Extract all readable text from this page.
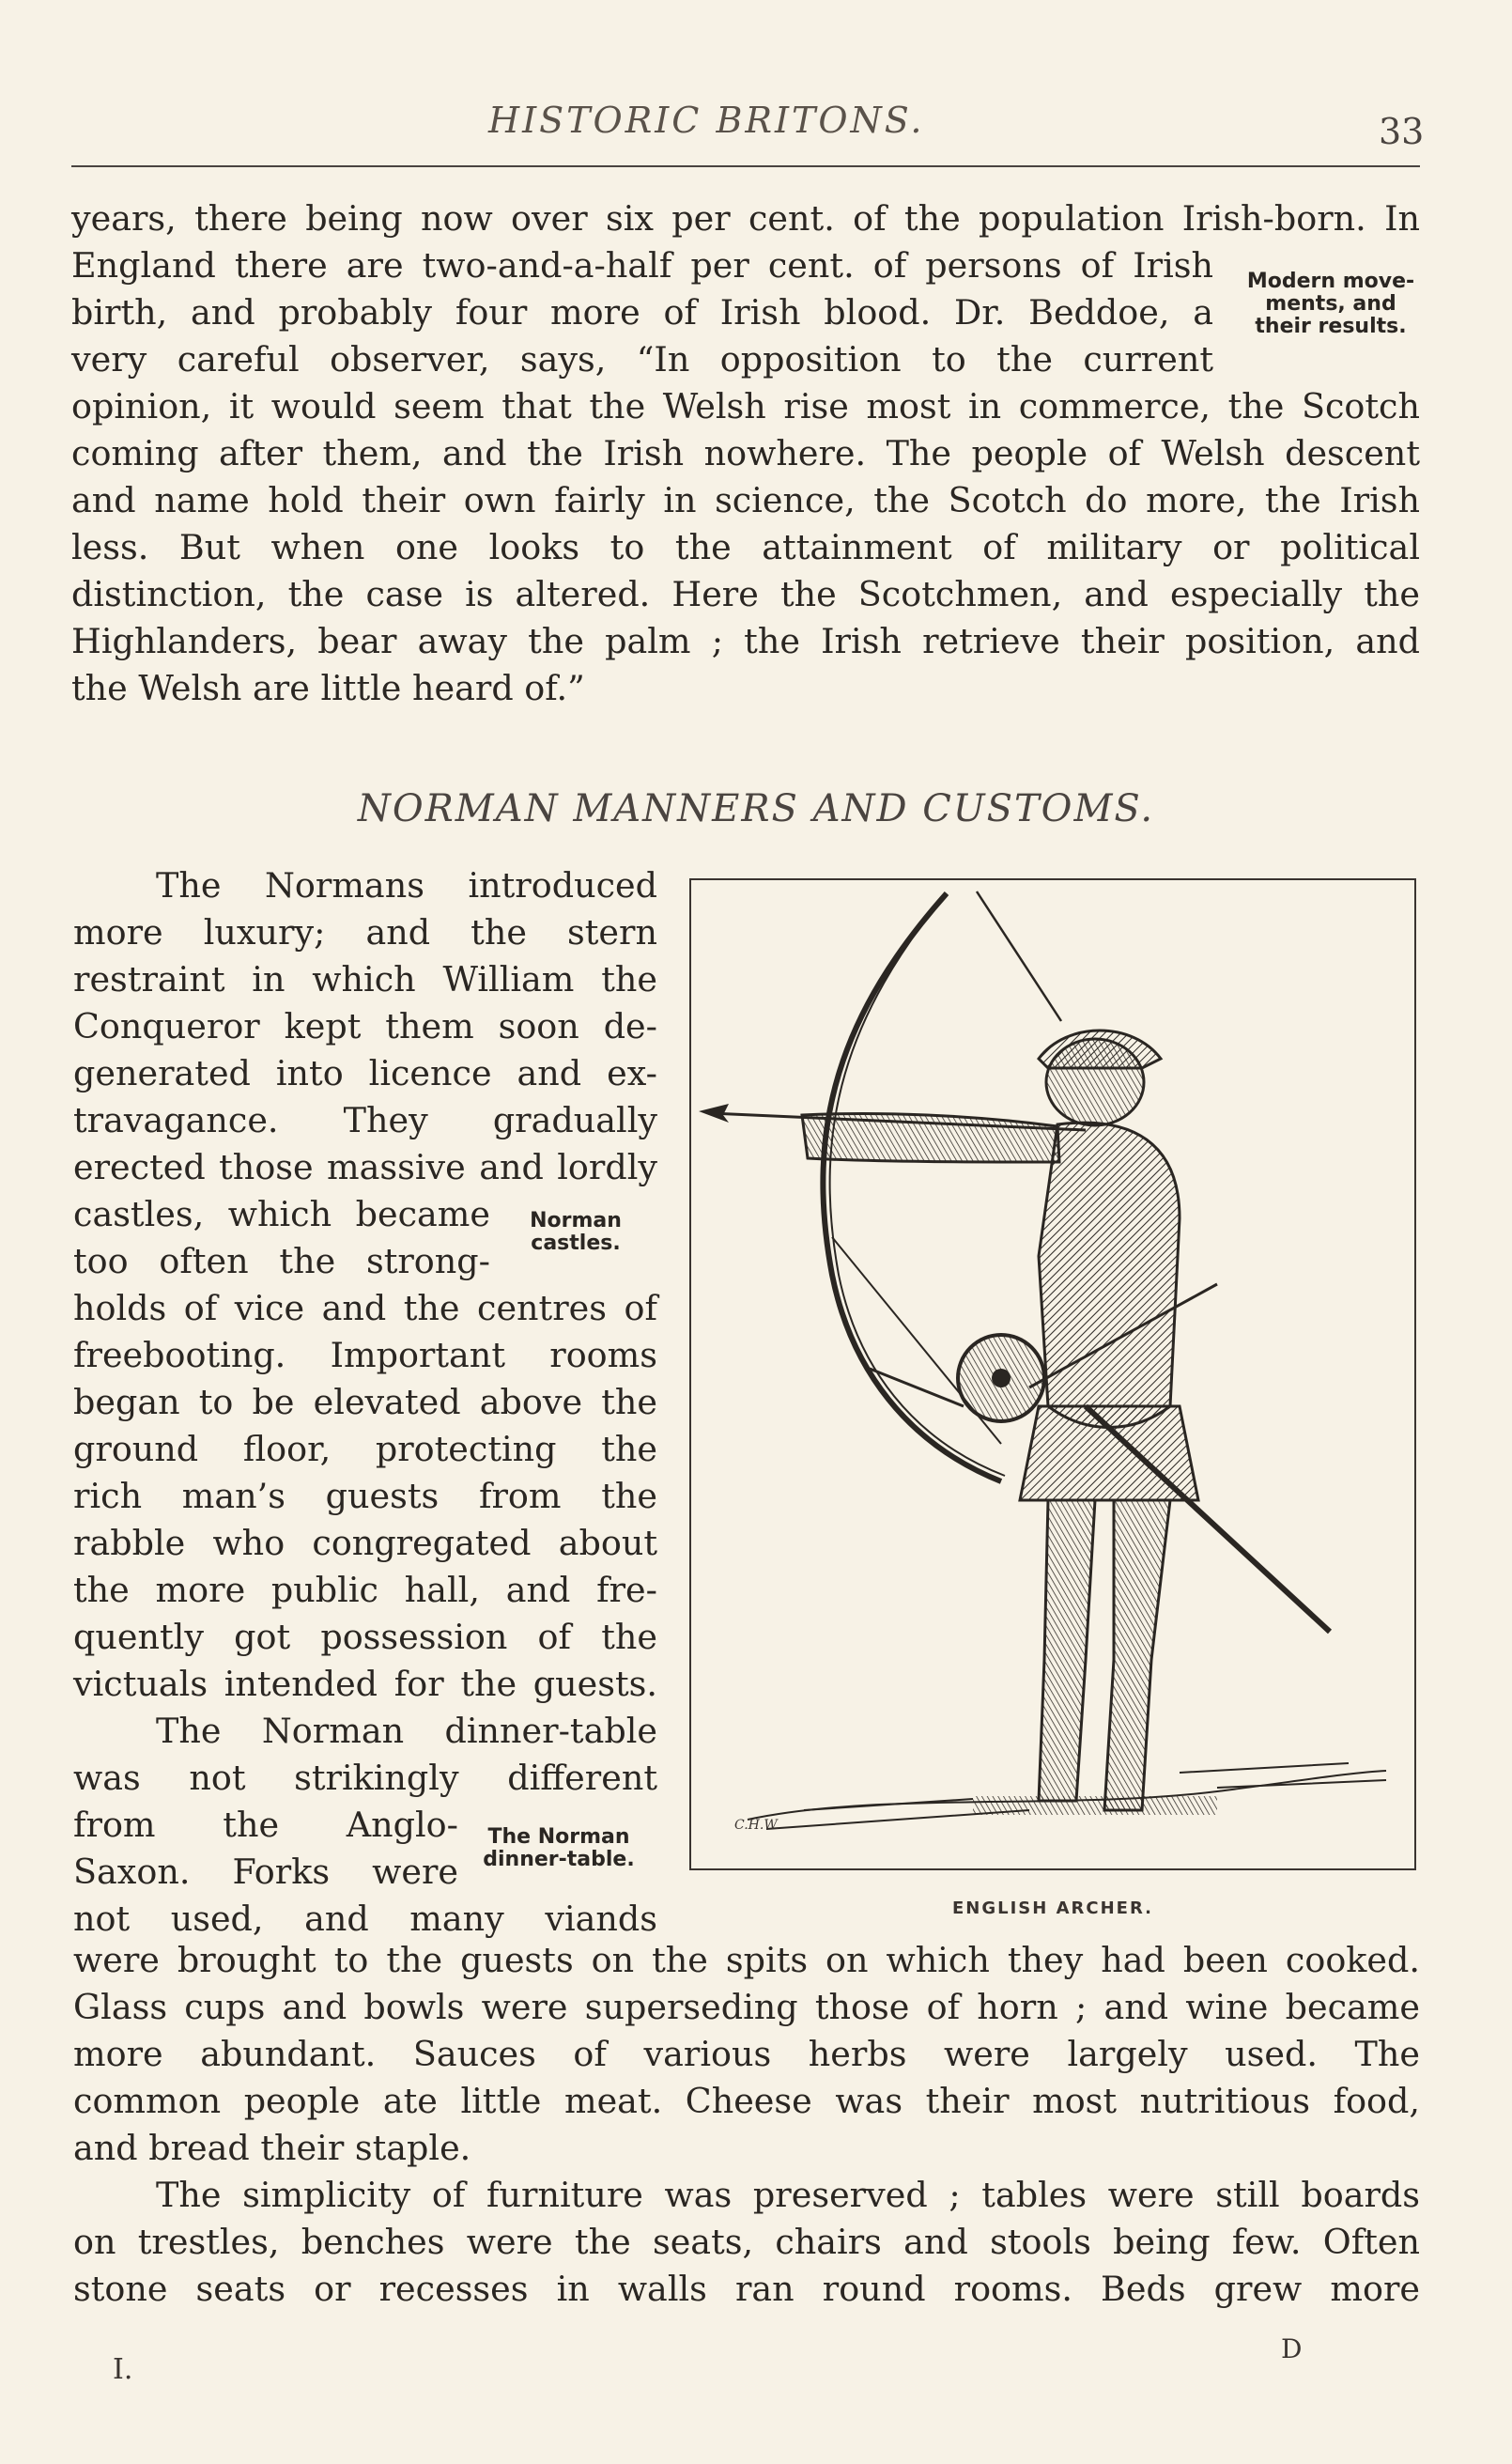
HISTORIC BRITONS.	33
years, there being now over six per cent. of the population Irish-born. In
England there are two-and-a-half per cent. of persons of Irish
birth, and probably four more of Irish blood. Dr. Beddoe, a
very careful observer, says, “In opposition to the current
opinion, it would seem that the Welsh rise most in commerce, the Scotch
coming after them, and the Irish nowhere. The people of Welsh descent
and name hold their own fairly in science, the Scotch do more, the Irish
less. But when one looks to the attainment of military or political
distinction, the case is altered. Here the Scotchmen, and especially the
Highlanders, bear away the palm ; the Irish retrieve their position, and
the Welsh are little heard of.”
Modern move-
ments, and
their results.
NORMAN MANNERS AND CUSTOMS.
The Normans introduced
more luxury; and the stern
restraint in which William the
Conqueror kept them soon de-
generated into licence and ex-
travagance. They gradually
erected those massive and lordly
castles, which became
too often the strong-
holds of vice and the centres of
freebooting. Important rooms
began to be elevated above the
ground floor, protecting the
rich man’s guests from the
rabble who congregated about
the more public hall, and fre-
quently got possession of the
victuals intended for the guests.
The Norman dinner-table
was not strikingly different
from the Anglo-
Saxon. Forks were
not used, and many viands
Norman
castles.
The Norman
dinner-table.
C.H.W.
ENGLISH ARCHER.
were brought to the guests on the spits on which they had been cooked.
Glass cups and bowls were superseding those of horn ; and wine became
more abundant. Sauces of various herbs were largely used. The
common people ate little meat. Cheese was their most nutritious food,
and bread their staple.
The simplicity of furniture was preserved ; tables were still boards
on trestles, benches were the seats, chairs and stools being few. Often
stone seats or recesses in walls ran round rooms. Beds grew more
I.
D
